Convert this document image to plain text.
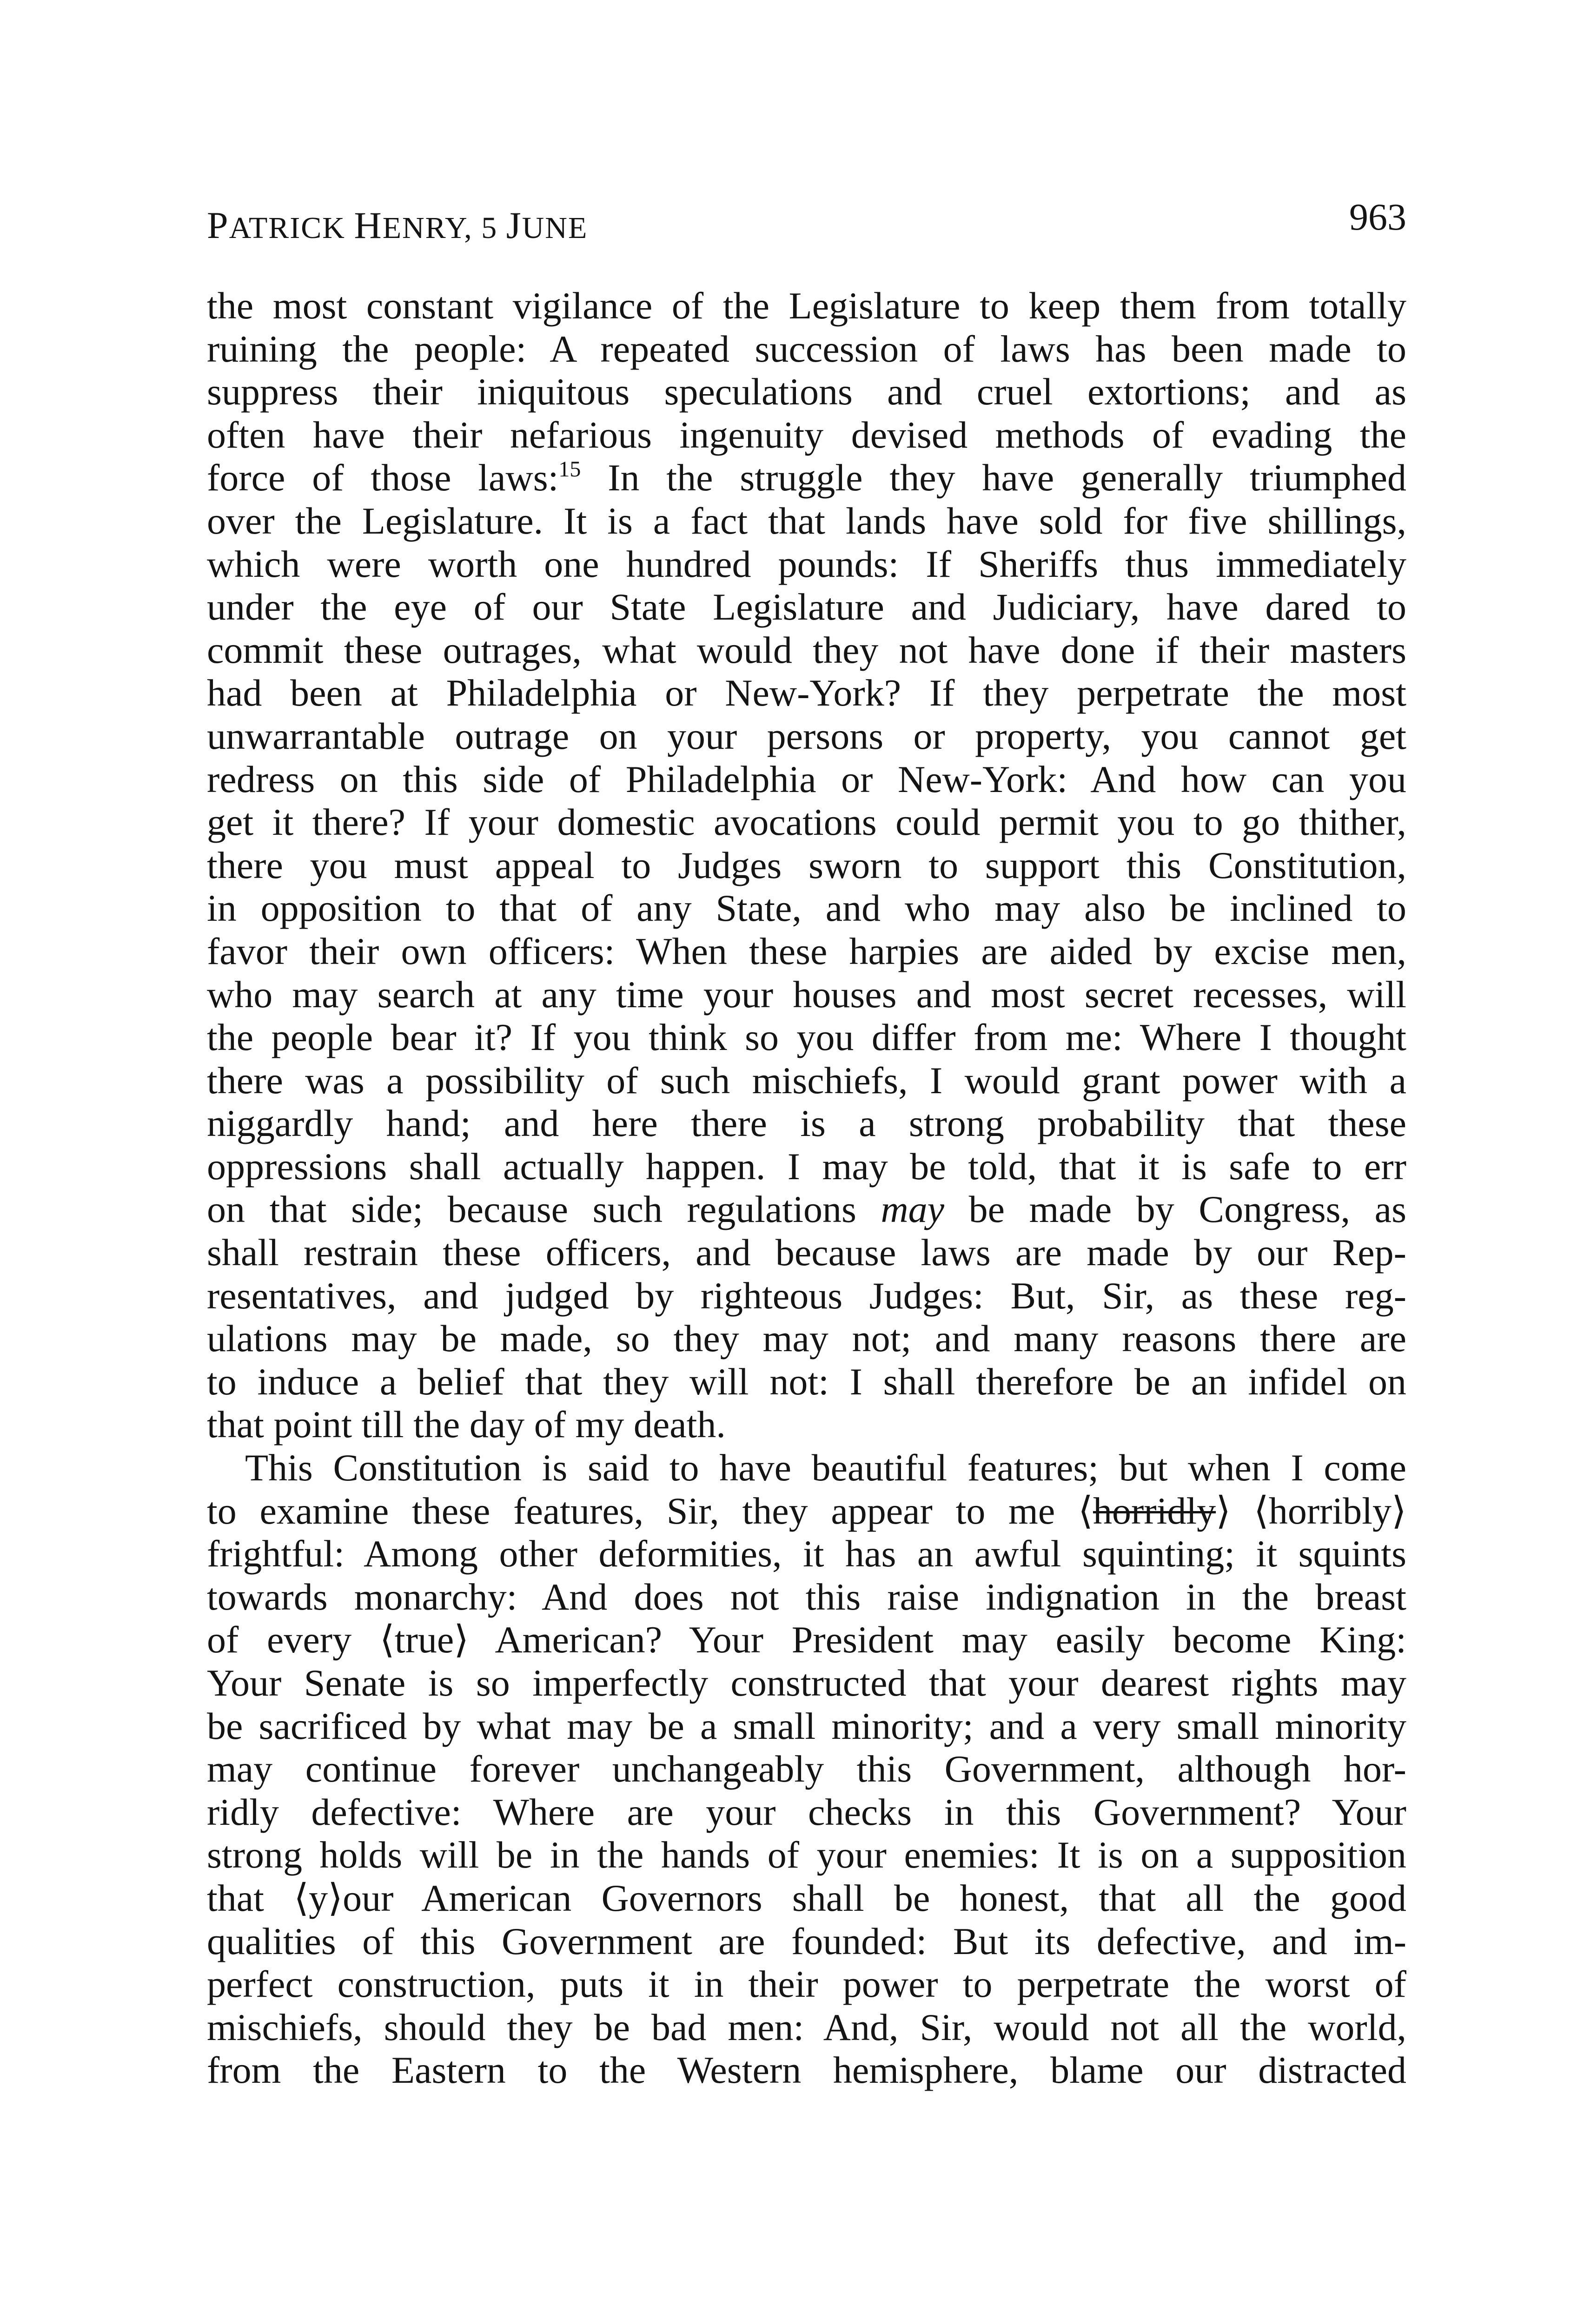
PATRICK HENRY, 5 JUNE	963
the most constant vigilance of the Legislature to keep them from totally
ruining the people: A repeated succession of laws has been made to
suppress their iniquitous speculations and cruel extortions; and as
often have their nefarious ingenuity devised methods of evading the
force of those laws:$^{15}$ In the struggle they have generally triumphed
over the Legislature. It is a fact that lands have sold for five shillings,
which were worth one hundred pounds: If Sheriffs thus immediately
under the eye of our State Legislature and Judiciary, have dared to
commit these outrages, what would they not have done if their masters
had been at Philadelphia or New-York? If they perpetrate the most
unwarrantable outrage on your persons or property, you cannot get
redress on this side of Philadelphia or New-York: And how can you
get it there? If your domestic avocations could permit you to go thither,
there you must appeal to Judges sworn to support this Constitution,
in opposition to that of any State, and who may also be inclined to
favor their own officers: When these harpies are aided by excise men,
who may search at any time your houses and most secret recesses, will
the people bear it? If you think so you differ from me: Where I thought
there was a possibility of such mischiefs, I would grant power with a
niggardly hand; and here there is a strong probability that these
oppressions shall actually happen. I may be told, that it is safe to err
on that side; because such regulations may be made by Congress, as
shall restrain these officers, and because laws are made by our Rep-
resentatives, and judged by righteous Judges: But, Sir, as these reg-
ulations may be made, so they may not; and many reasons there are
to induce a belief that they will not: I shall therefore be an infidel on
that point till the day of my death.
This Constitution is said to have beautiful features; but when I come
to examine these features, Sir, they appear to me ⟨horridly⟩ ⟨horribly⟩
frightful: Among other deformities, it has an awful squinting; it squints
towards monarchy: And does not this raise indignation in the breast
of every ⟨true⟩ American? Your President may easily become King:
Your Senate is so imperfectly constructed that your dearest rights may
be sacrificed by what may be a small minority; and a very small minority
may continue forever unchangeably this Government, although hor-
ridly defective: Where are your checks in this Government? Your
strong holds will be in the hands of your enemies: It is on a supposition
that ⟨y⟩our American Governors shall be honest, that all the good
qualities of this Government are founded: But its defective, and im-
perfect construction, puts it in their power to perpetrate the worst of
mischiefs, should they be bad men: And, Sir, would not all the world,
from the Eastern to the Western hemisphere, blame our distracted
